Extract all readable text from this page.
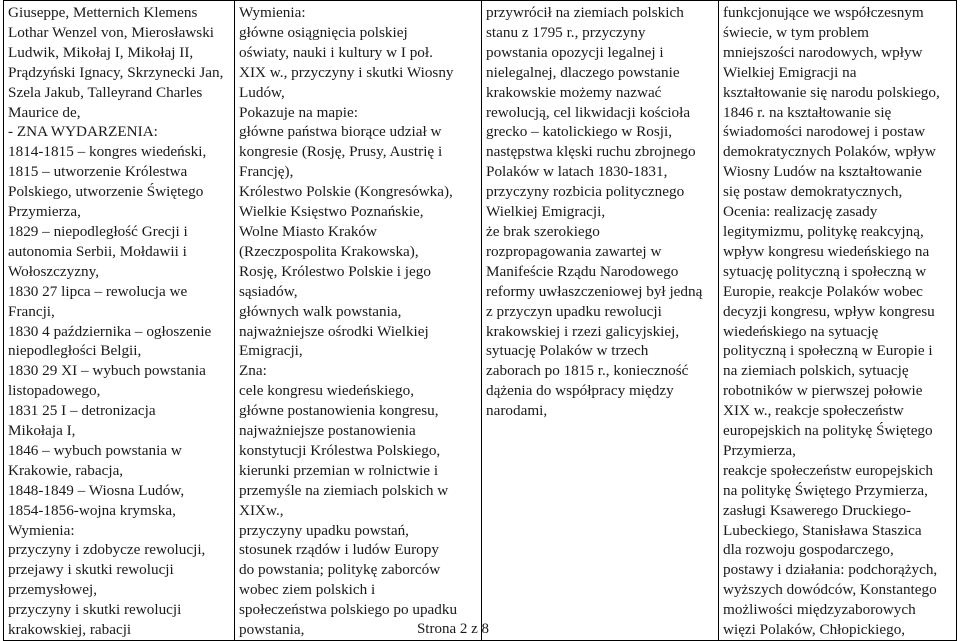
Giuseppe, Metternich Klemens
Lothar Wenzel von, Mierosławski
Ludwik, Mikołaj I, Mikołaj II,
Prądzyński Ignacy, Skrzynecki Jan,
Szela Jakub, Talleyrand Charles
Maurice de,
- ZNA WYDARZENIA:
1814-1815 – kongres wiedeński,
1815 – utworzenie Królestwa
Polskiego, utworzenie Świętego
Przymierza,
1829 – niepodległość Grecji i
autonomia Serbii, Mołdawii i
Wołoszczyzny,
1830 27 lipca – rewolucja we
Francji,
1830 4 października – ogłoszenie
niepodległości Belgii,
1830 29 XI – wybuch powstania
listopadowego,
1831 25 I – detronizacja
Mikołaja I,
1846 – wybuch powstania w
Krakowie, rabacja,
1848-1849 – Wiosna Ludów,
1854-1856-wojna krymska,
Wymienia:
przyczyny i zdobycze rewolucji,
przejawy i skutki rewolucji
przemysłowej,
przyczyny i skutki rewolucji
krakowskiej, rabacji

Wymienia:
główne osiągnięcia polskiej
oświaty, nauki i kultury w I poł.
XIX w., przyczyny i skutki Wiosny
Ludów,
Pokazuje na mapie:
główne państwa biorące udział w
kongresie (Rosję, Prusy, Austrię i
Francję),
Królestwo Polskie (Kongresówka),
Wielkie Księstwo Poznańskie,
Wolne Miasto Kraków
(Rzeczpospolita Krakowska),
Rosję, Królestwo Polskie i jego
sąsiadów,
głównych walk powstania,
najważniejsze ośrodki Wielkiej
Emigracji,
Zna:
cele kongresu wiedeńskiego,
główne postanowienia kongresu,
najważniejsze postanowienia
konstytucji Królestwa Polskiego,
kierunki przemian w rolnictwie i
przemyśle na ziemiach polskich w
XIXw.,
przyczyny upadku powstań,
stosunek rządów i ludów Europy
do powstania; politykę zaborców
wobec ziem polskich i
społeczeństwa polskiego po upadku
powstania,

przywrócił na ziemiach polskich
stanu z 1795 r., przyczyny
powstania opozycji legalnej i
nielegalnej, dlaczego powstanie
krakowskie możemy nazwać
rewolucją, cel likwidacji kościoła
grecko – katolickiego w Rosji,
następstwa klęski ruchu zbrojnego
Polaków w latach 1830-1831,
przyczyny rozbicia politycznego
Wielkiej Emigracji,
że brak szerokiego
rozpropagowania zawartej w
Manifeście Rządu Narodowego
reformy uwłaszczeniowej był jedną
z przyczyn upadku rewolucji
krakowskiej i rzezi galicyjskiej,
sytuację Polaków w trzech
zaborach po 1815 r., konieczność
dążenia do współpracy między
narodami,

funkcjonujące we współczesnym
świecie, w tym problem
mniejszości narodowych, wpływ
Wielkiej Emigracji na
kształtowanie się narodu polskiego,
1846 r. na kształtowanie się
świadomości narodowej i postaw
demokratycznych Polaków, wpływ
Wiosny Ludów na kształtowanie
się postaw demokratycznych,
Ocenia: realizację zasady
legitymizmu, politykę reakcyjną,
wpływ kongresu wiedeńskiego na
sytuację polityczną i społeczną w
Europie, reakcje Polaków wobec
decyzji kongresu, wpływ kongresu
wiedeńskiego na sytuację
polityczną i społeczną w Europie i
na ziemiach polskich, sytuację
robotników w pierwszej połowie
XIX w., reakcje społeczeństw
europejskich na politykę Świętego
Przymierza,
reakcje społeczeństw europejskich
na politykę Świętego Przymierza,
zasługi Ksawerego Druckiego-
Lubeckiego, Stanisława Staszica
dla rozwoju gospodarczego,
postawy i działania: podchorążych,
wyższych dowódców, Konstantego
możliwości międzyzaborowych
więzi Polaków, Chłopickiego,
Strona 2 z 8
